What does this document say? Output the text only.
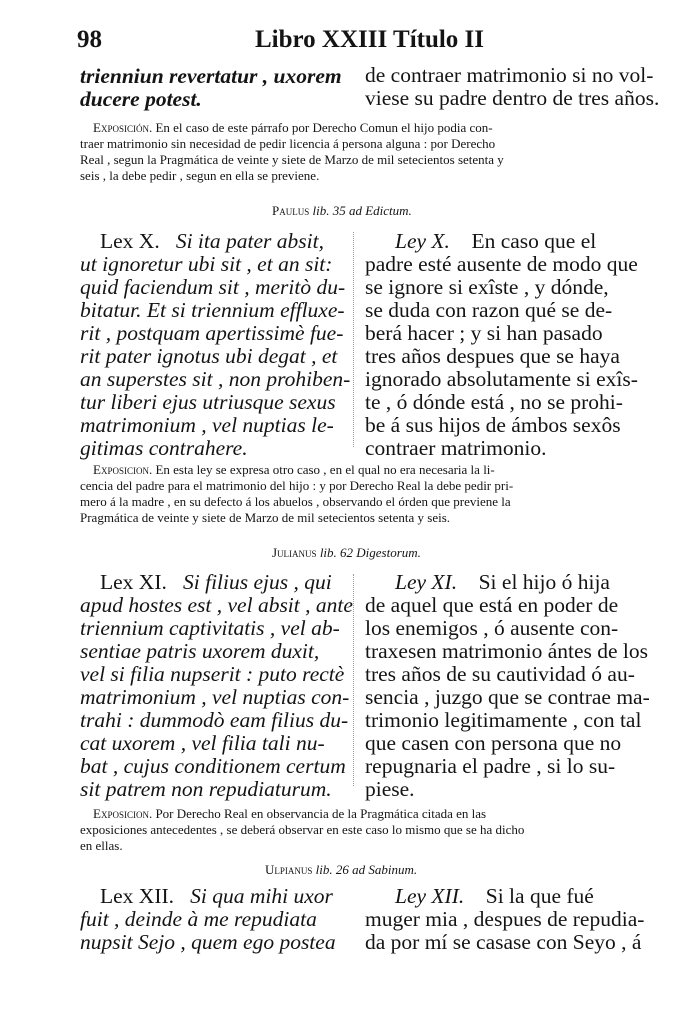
98	Libro XXIII Título II
trienniun revertatur , uxorem
ducere potest.
de contraer matrimonio si no vol-
viese su padre dentro de tres años.
Exposición. En el caso de este párrafo por Derecho Comun el hijo podia con-
traer matrimonio sin necesidad de pedir licencia á persona alguna : por Derecho
Real , segun la Pragmática de veinte y siete de Marzo de mil setecientos setenta y
seis , la debe pedir , segun en ella se previene.
Paulus lib. 35 ad Edictum.
Lex X. Si ita pater absit,
ut ignoretur ubi sit , et an sit:
quid faciendum sit , meritò du-
bitatur. Et si triennium effluxe-
rit , postquam apertissimè fue-
rit pater ignotus ubi degat , et
an superstes sit , non prohiben-
tur liberi ejus utriusque sexus
matrimonium , vel nuptias le-
gitimas contrahere.
Ley X. En caso que el
padre esté ausente de modo que
se ignore si exîste , y dónde,
se duda con razon qué se de-
berá hacer ; y si han pasado
tres años despues que se haya
ignorado absolutamente si exîs-
te , ó dónde está , no se prohi-
be á sus hijos de ámbos sexôs
contraer matrimonio.
Exposicion. En esta ley se expresa otro caso , en el qual no era necesaria la li-
cencia del padre para el matrimonio del hijo : y por Derecho Real la debe pedir pri-
mero á la madre , en su defecto á los abuelos , observando el órden que previene la
Pragmática de veinte y siete de Marzo de mil setecientos setenta y seis.
Julianus lib. 62 Digestorum.
Lex XI. Si filius ejus , qui
apud hostes est , vel absit , ante
triennium captivitatis , vel ab-
sentiae patris uxorem duxit,
vel si filia nupserit : puto rectè
matrimonium , vel nuptias con-
trahi : dummodò eam filius du-
cat uxorem , vel filia tali nu-
bat , cujus conditionem certum
sit patrem non repudiaturum.
Ley XI. Si el hijo ó hija
de aquel que está en poder de
los enemigos , ó ausente con-
traxesen matrimonio ántes de los
tres años de su cautividad ó au-
sencia , juzgo que se contrae ma-
trimonio legitimamente , con tal
que casen con persona que no
repugnaria el padre , si lo su-
piese.
Exposicion. Por Derecho Real en observancia de la Pragmática citada en las
exposiciones antecedentes , se deberá observar en este caso lo mismo que se ha dicho
en ellas.
Ulpianus lib. 26 ad Sabinum.
Lex XII. Si qua mihi uxor
fuit , deinde à me repudiata
nupsit Sejo , quem ego postea
Ley XII. Si la que fué
muger mia , despues de repudia-
da por mí se casase con Seyo , á
